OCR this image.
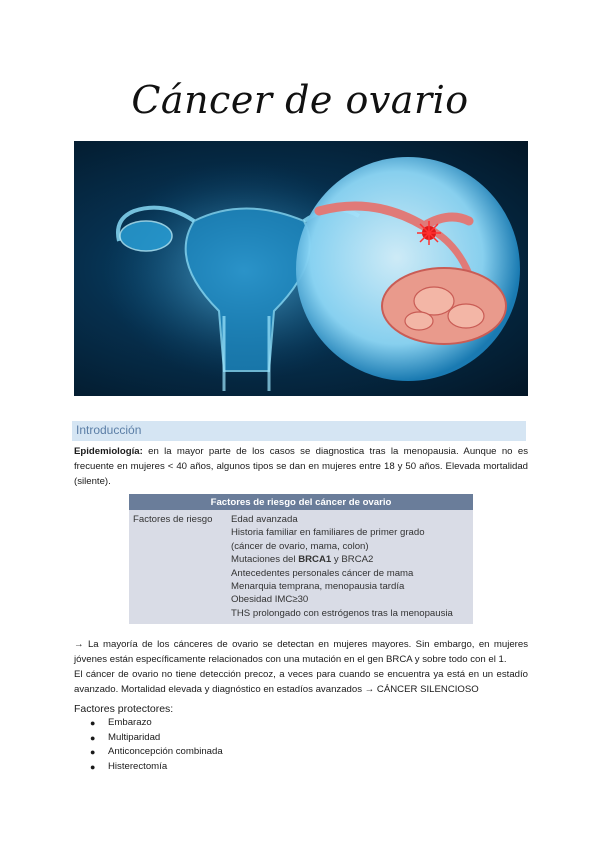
Cáncer de ovario
Introducción
Epidemiología: en la mayor parte de los casos se diagnostica tras la menopausia. Aunque no es frecuente en mujeres < 40 años, algunos tipos se dan en mujeres entre 18 y 50 años. Elevada mortalidad (silente).
Factores de riesgo del cáncer de ovario
Factores de riesgo	Edad avanzada
Historia familiar en familiares de primer grado
(cáncer de ovario, mama, colon)
Mutaciones del BRCA1 y BRCA2
Antecedentes personales cáncer de mama
Menarquia temprana, menopausia tardía
Obesidad IMC≥30
THS prolongado con estrógenos tras la menopausia
→ La mayoría de los cánceres de ovario se detectan en mujeres mayores. Sin embargo, en mujeres jóvenes están específicamente relacionados con una mutación en el gen BRCA y sobre todo con el 1.
El cáncer de ovario no tiene detección precoz, a veces para cuando se encuentra ya está en un estadío avanzado. Mortalidad elevada y diagnóstico en estadíos avanzados → CÁNCER SILENCIOSO
Factores protectores:
● Embarazo
● Multiparidad
● Anticoncepción combinada
● Histerectomía
